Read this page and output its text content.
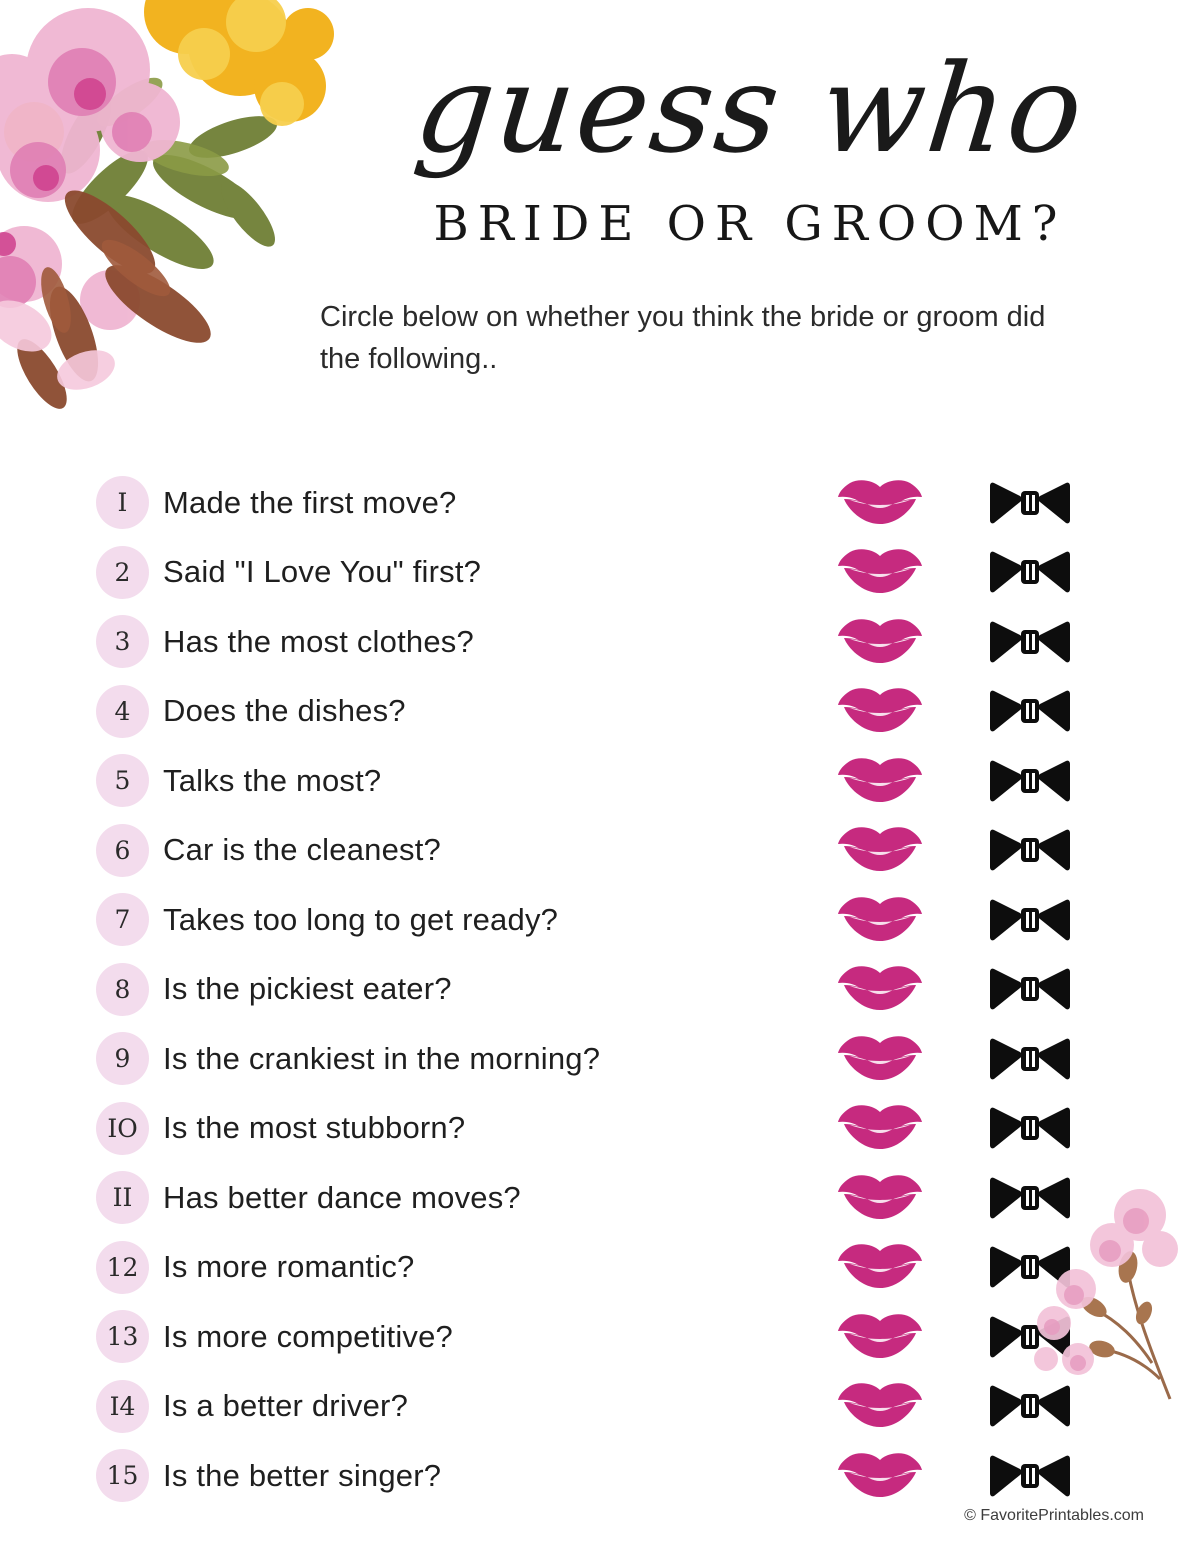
guess who
BRIDE OR GROOM?
Circle below on whether you think the bride or groom did the following..
I	Made the first move?
2	Said "I Love You" first?
3	Has the most clothes?
4	Does the dishes?
5	Talks the most?
6	Car is the cleanest?
7	Takes too long to get ready?
8	Is the pickiest eater?
9	Is the crankiest in the morning?
IO Is the most stubborn?
II Has better dance moves?
12 Is more romantic?
13 Is more competitive?
I4 Is a better driver?
15 Is the better singer?
© FavoritePrintables.com
